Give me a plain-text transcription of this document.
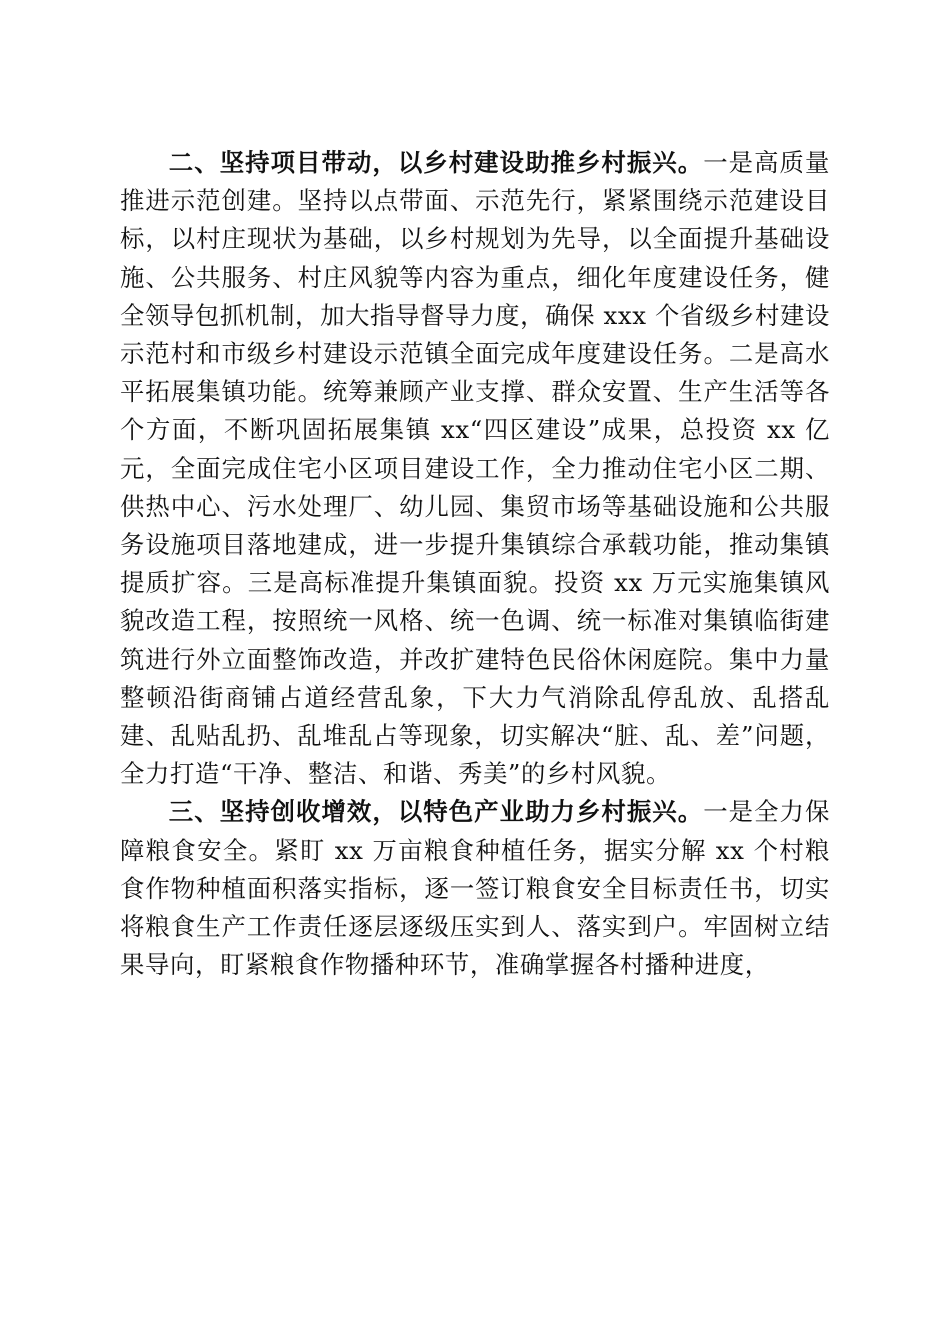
二、坚持项目带动，以乡村建设助推乡村振兴。一是高质量推进示范创建。坚持以点带面、示范先行，紧紧围绕示范建设目标，以村庄现状为基础，以乡村规划为先导，以全面提升基础设施、公共服务、村庄风貌等内容为重点，细化年度建设任务，健全领导包抓机制，加大指导督导力度，确保 xxx 个省级乡村建设示范村和市级乡村建设示范镇全面完成年度建设任务。二是高水平拓展集镇功能。统筹兼顾产业支撑、群众安置、生产生活等各个方面，不断巩固拓展集镇 xx“四区建设”成果，总投资 xx 亿元，全面完成住宅小区项目建设工作，全力推动住宅小区二期、供热中心、污水处理厂、幼儿园、集贸市场等基础设施和公共服务设施项目落地建成，进一步提升集镇综合承载功能，推动集镇提质扩容。三是高标准提升集镇面貌。投资 xx 万元实施集镇风貌改造工程，按照统一风格、统一色调、统一标准对集镇临街建筑进行外立面整饰改造，并改扩建特色民俗休闲庭院。集中力量整顿沿街商铺占道经营乱象，下大力气消除乱停乱放、乱搭乱建、乱贴乱扔、乱堆乱占等现象，切实解决“脏、乱、差”问题，全力打造“干净、整洁、和谐、秀美”的乡村风貌。

三、坚持创收增效，以特色产业助力乡村振兴。一是全力保障粮食安全。紧盯 xx 万亩粮食种植任务，据实分解 xx 个村粮食作物种植面积落实指标，逐一签订粮食安全目标责任书，切实将粮食生产工作责任逐层逐级压实到人、落实到户。牢固树立结果导向，盯紧粮食作物播种环节，准确掌握各村播种进度，
